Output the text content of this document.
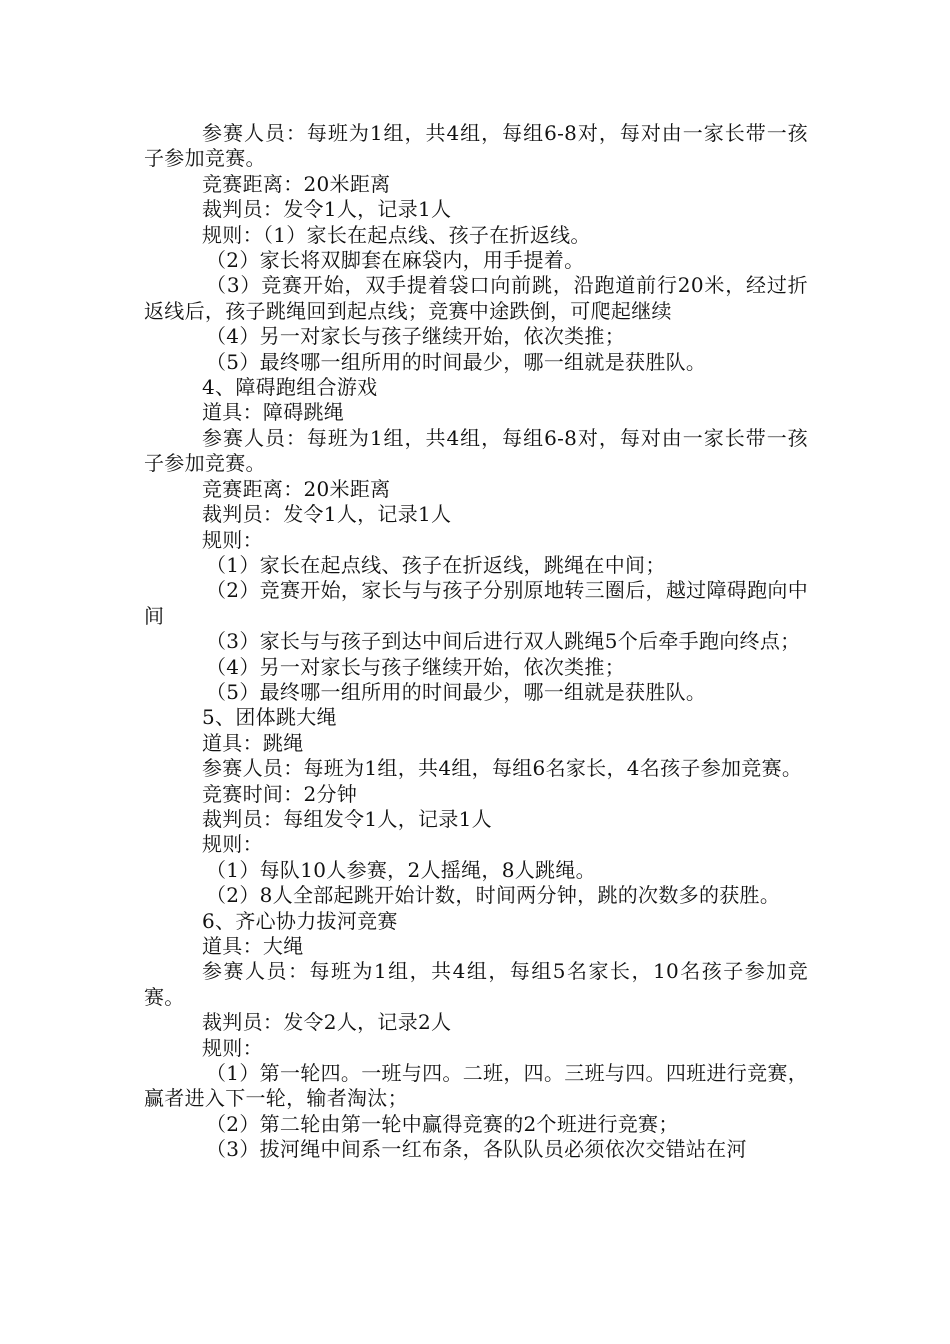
参赛人员：每班为1组，共4组，每组6-8对，每对由一家长带一孩子参加竞赛。

竞赛距离：20米距离

裁判员：发令1人，记录1人

规则：（1）家长在起点线、孩子在折返线。

（2）家长将双脚套在麻袋内，用手提着。

（3）竞赛开始，双手提着袋口向前跳，沿跑道前行20米，经过折返线后，孩子跳绳回到起点线；竞赛中途跌倒，可爬起继续

（4）另一对家长与孩子继续开始，依次类推；

（5）最终哪一组所用的时间最少，哪一组就是获胜队。

4、障碍跑组合游戏

道具：障碍跳绳

参赛人员：每班为1组，共4组，每组6-8对，每对由一家长带一孩子参加竞赛。

竞赛距离：20米距离

裁判员：发令1人，记录1人

规则：

（1）家长在起点线、孩子在折返线，跳绳在中间；

（2）竞赛开始，家长与与孩子分别原地转三圈后，越过障碍跑向中间

（3）家长与与孩子到达中间后进行双人跳绳5个后牵手跑向终点；

（4）另一对家长与孩子继续开始，依次类推；

（5）最终哪一组所用的时间最少，哪一组就是获胜队。

5、团体跳大绳

道具：跳绳

参赛人员：每班为1组，共4组，每组6名家长，4名孩子参加竞赛。

竞赛时间：2分钟

裁判员：每组发令1人，记录1人

规则：

（1）每队10人参赛，2人摇绳，8人跳绳。

（2）8人全部起跳开始计数，时间两分钟，跳的次数多的获胜。

6、齐心协力拔河竞赛

道具：大绳

参赛人员：每班为1组，共4组，每组5名家长，10名孩子参加竞赛。

裁判员：发令2人，记录2人

规则：

（1）第一轮四。一班与四。二班，四。三班与四。四班进行竞赛，赢者进入下一轮，输者淘汰；

（2）第二轮由第一轮中赢得竞赛的2个班进行竞赛；

（3）拔河绳中间系一红布条，各队队员必须依次交错站在河
